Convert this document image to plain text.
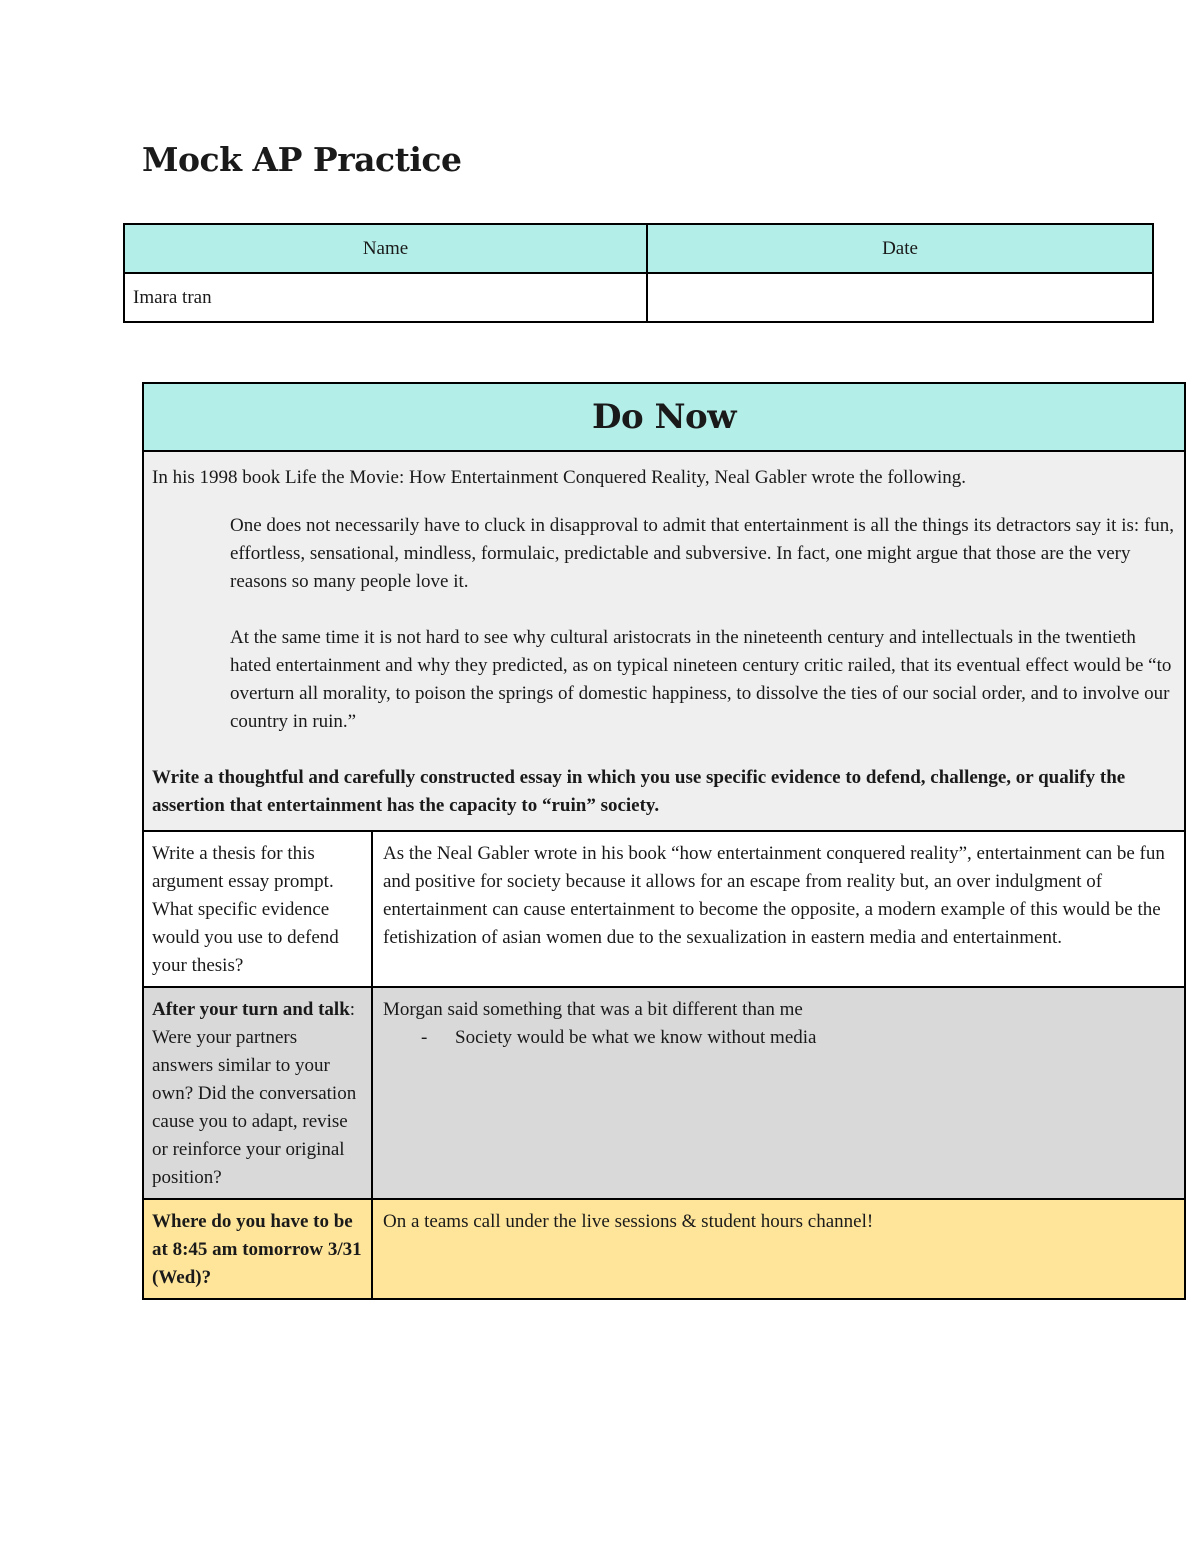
Mock AP Practice
Name	Date
Imara tran	
Do Now	

In his 1998 book Life the Movie: How Entertainment Conquered Reality, Neal Gabler wrote the following.

One does not necessarily have to cluck in disapproval to admit that entertainment is all the things its detractors say it is: fun, effortless, sensational, mindless, formulaic, predictable and subversive. In fact, one might argue that those are the very reasons so many people love it.

At the same time it is not hard to see why cultural aristocrats in the nineteenth century and intellectuals in the twentieth hated entertainment and why they predicted, as on typical nineteen century critic railed, that its eventual effect would be “to overturn all morality, to poison the springs of domestic happiness, to dissolve the ties of our social order, and to involve our country in ruin.”

Write a thoughtful and carefully constructed essay in which you use specific evidence to defend, challenge, or qualify the assertion that entertainment has the capacity to “ruin” society.	

Write a thesis for this argument essay prompt. What specific evidence would you use to defend your thesis?	As the Neal Gabler wrote in his book “how entertainment conquered reality”, entertainment can be fun and positive for society because it allows for an escape from reality but, an over indulgment of entertainment can cause entertainment to become the opposite, a modern example of this would be the fetishization of asian women due to the sexualization in eastern media and entertainment.
After your turn and talk: Were your partners answers similar to your own? Did the conversation cause you to adapt, revise or reinforce your original position?	Morgan said something that was a bit different than me
- Society would be what we know without media

Where do you have to be at 8:45 am tomorrow 3/31 (Wed)?	On a teams call under the live sessions & student hours channel!
